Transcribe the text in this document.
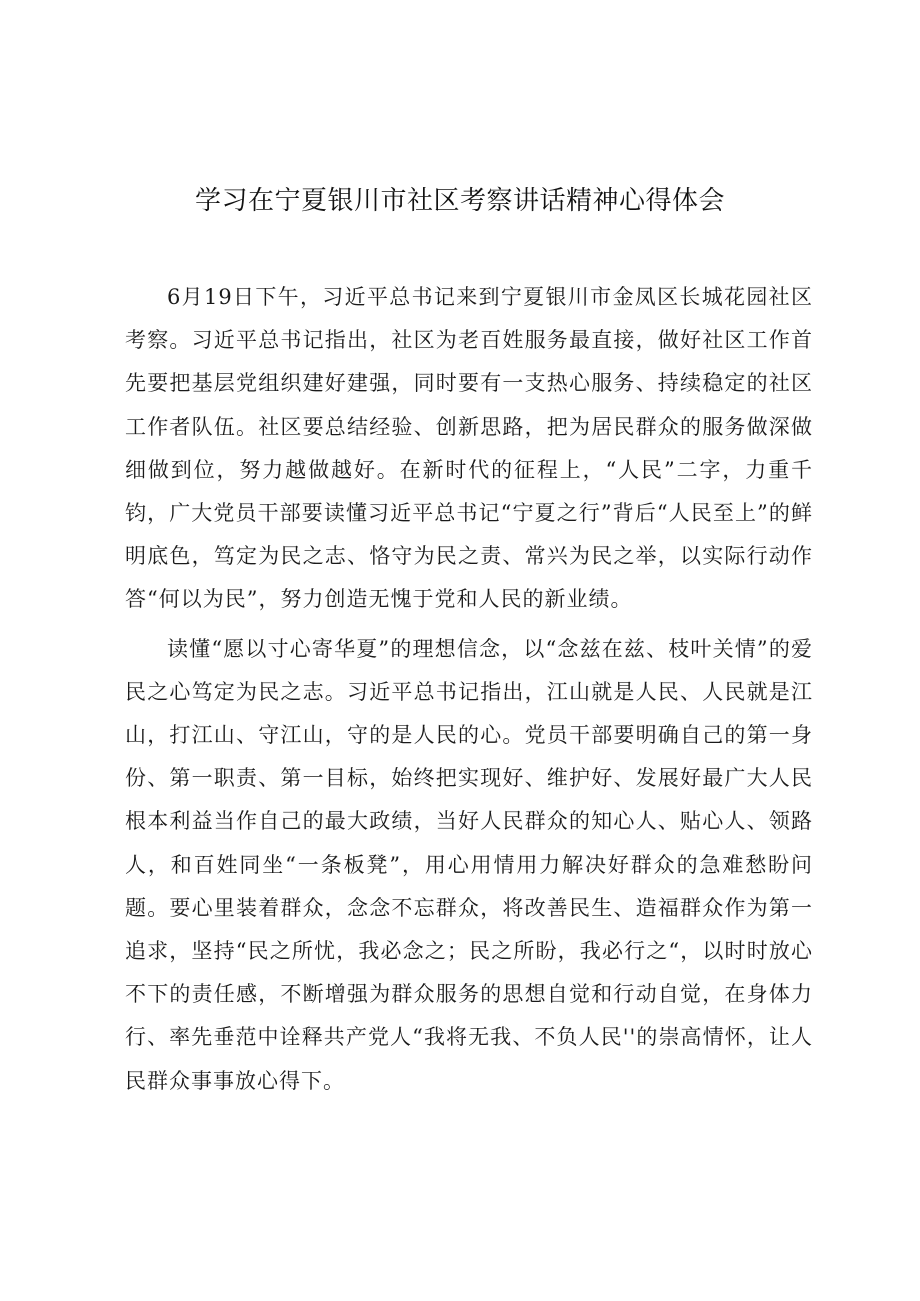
学习在宁夏银川市社区考察讲话精神心得体会

6月19日下午，习近平总书记来到宁夏银川市金凤区长城花园社区考察。习近平总书记指出，社区为老百姓服务最直接，做好社区工作首先要把基层党组织建好建强，同时要有一支热心服务、持续稳定的社区工作者队伍。社区要总结经验、创新思路，把为居民群众的服务做深做细做到位，努力越做越好。在新时代的征程上，“人民”二字，力重千钧，广大党员干部要读懂习近平总书记“宁夏之行”背后“人民至上”的鲜明底色，笃定为民之志、恪守为民之责、常兴为民之举，以实际行动作答“何以为民”，努力创造无愧于党和人民的新业绩。

读懂“愿以寸心寄华夏”的理想信念，以“念兹在兹、枝叶关情”的爱民之心笃定为民之志。习近平总书记指出，江山就是人民、人民就是江山，打江山、守江山，守的是人民的心。党员干部要明确自己的第一身份、第一职责、第一目标，始终把实现好、维护好、发展好最广大人民根本利益当作自己的最大政绩，当好人民群众的知心人、贴心人、领路人，和百姓同坐“一条板凳”，用心用情用力解决好群众的急难愁盼问题。要心里装着群众，念念不忘群众，将改善民生、造福群众作为第一追求，坚持“民之所忧，我必念之；民之所盼，我必行之“，以时时放心不下的责任感，不断增强为群众服务的思想自觉和行动自觉，在身体力行、率先垂范中诠释共产党人“我将无我、不负人民''的崇高情怀，让人民群众事事放心得下。
